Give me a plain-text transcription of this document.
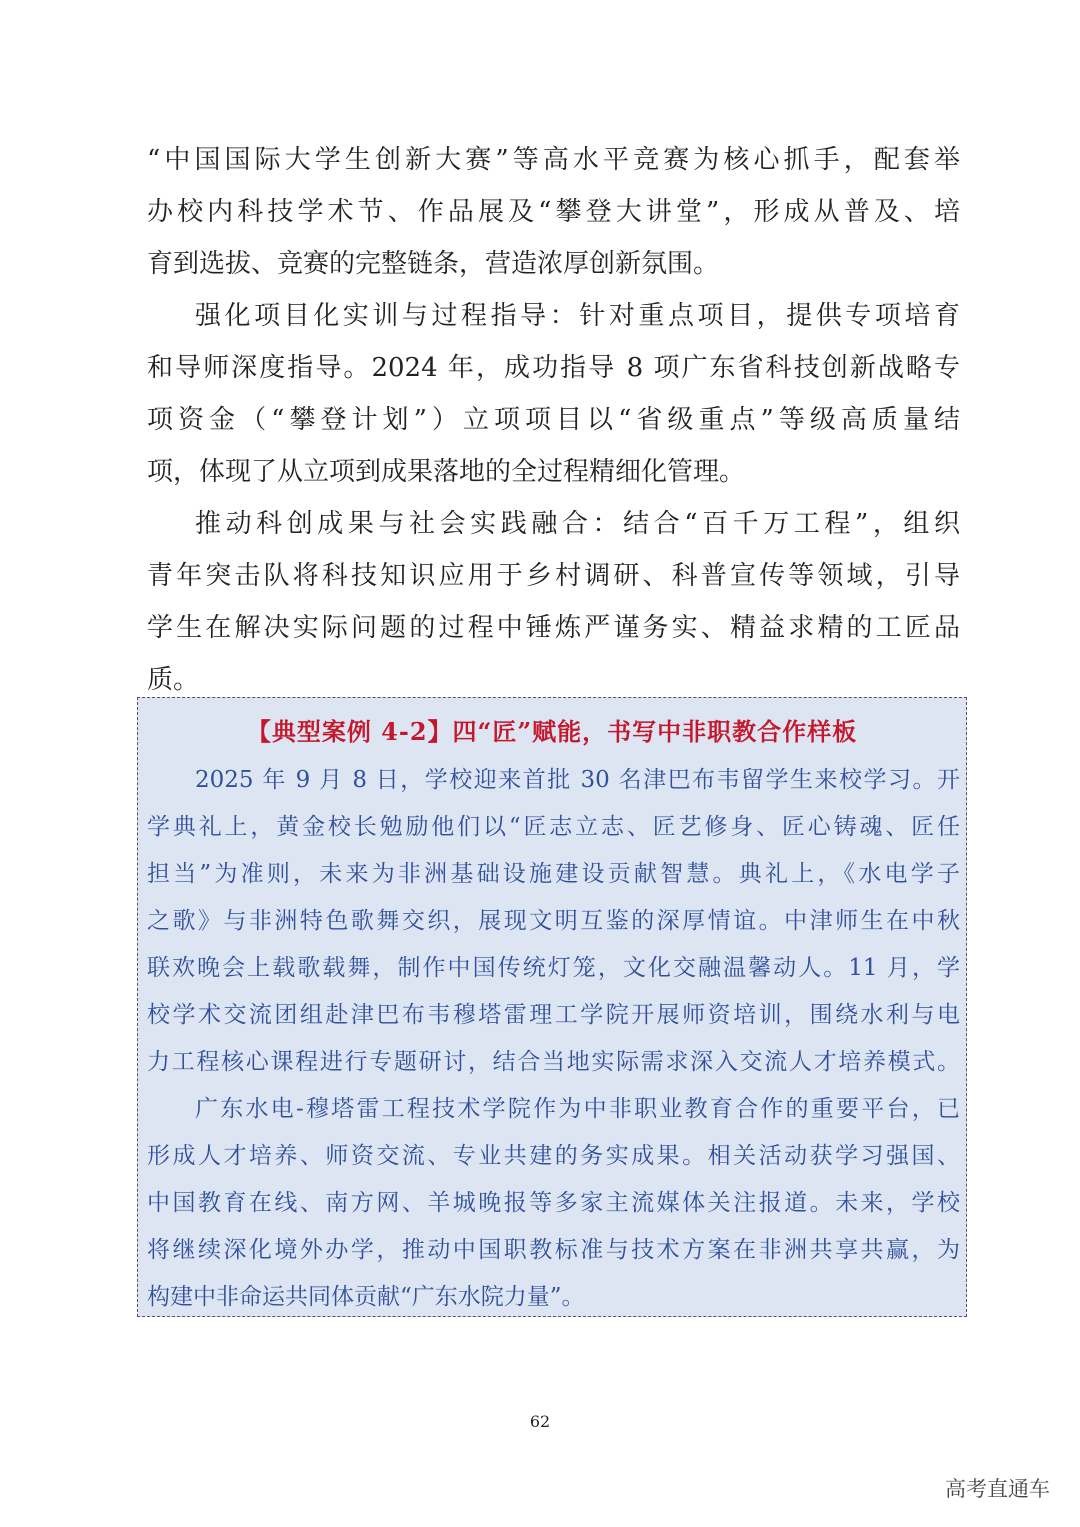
“中国国际大学生创新大赛”等高水平竞赛为核心抓手，配套举
办校内科技学术节、作品展及“攀登大讲堂”，形成从普及、培
育到选拔、竞赛的完整链条，营造浓厚创新氛围。
强化项目化实训与过程指导：针对重点项目，提供专项培育
和导师深度指导。2024 年，成功指导 8 项广东省科技创新战略专
项资金（“攀登计划”）立项项目以“省级重点”等级高质量结
项，体现了从立项到成果落地的全过程精细化管理。
推动科创成果与社会实践融合：结合“百千万工程”，组织
青年突击队将科技知识应用于乡村调研、科普宣传等领域，引导
学生在解决实际问题的过程中锤炼严谨务实、精益求精的工匠品
质。
【典型案例 4-2】四“匠”赋能，书写中非职教合作样板
2025 年 9 月 8 日，学校迎来首批 30 名津巴布韦留学生来校学习。开
学典礼上，黄金校长勉励他们以“匠志立志、匠艺修身、匠心铸魂、匠任
担当”为准则，未来为非洲基础设施建设贡献智慧。典礼上，《水电学子
之歌》与非洲特色歌舞交织，展现文明互鉴的深厚情谊。中津师生在中秋
联欢晚会上载歌载舞，制作中国传统灯笼，文化交融温馨动人。11 月，学
校学术交流团组赴津巴布韦穆塔雷理工学院开展师资培训，围绕水利与电
力工程核心课程进行专题研讨，结合当地实际需求深入交流人才培养模式。
广东水电-穆塔雷工程技术学院作为中非职业教育合作的重要平台，已
形成人才培养、师资交流、专业共建的务实成果。相关活动获学习强国、
中国教育在线、南方网、羊城晚报等多家主流媒体关注报道。未来，学校
将继续深化境外办学，推动中国职教标准与技术方案在非洲共享共赢，为
构建中非命运共同体贡献“广东水院力量”。
62
高考直通车
